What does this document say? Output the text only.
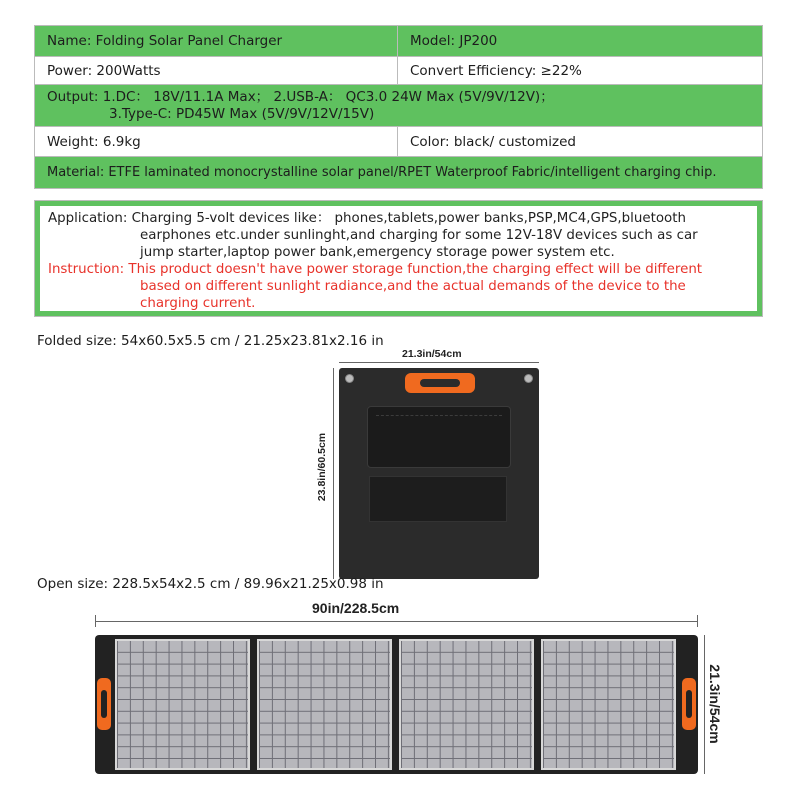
Name: Folding Solar Panel Charger	Model: JP200
Power: 200Watts	Convert Efficiency: ≥22%
Output: 1.DC： 18V/11.1A Max； 2.USB-A： QC3.0 24W Max (5V/9V/12V)；
3.Type-C: PD45W Max (5V/9V/12V/15V)
Weight: 6.9kg	Color: black/ customized
Material: ETFE laminated monocrystalline solar panel/RPET Waterproof Fabric/intelligent charging chip.

Application: Charging 5-volt devices like： phones,tablets,power banks,PSP,MC4,GPS,bluetooth

earphones etc.under sunlinght,and charging for some 12V-18V devices such as car

jump starter,laptop power bank,emergency storage power system etc.

Instruction: This product doesn't have power storage function,the charging effect will be different

based on different sunlight radiance,and the actual demands of the device to the

charging current.

Folded size: 54x60.5x5.5 cm / 21.25x23.81x2.16 in
21.3in/54cm
23.8in/60.5cm
Open size: 228.5x54x2.5 cm / 89.96x21.25x0.98 in
90in/228.5cm
21.3in/54cm
